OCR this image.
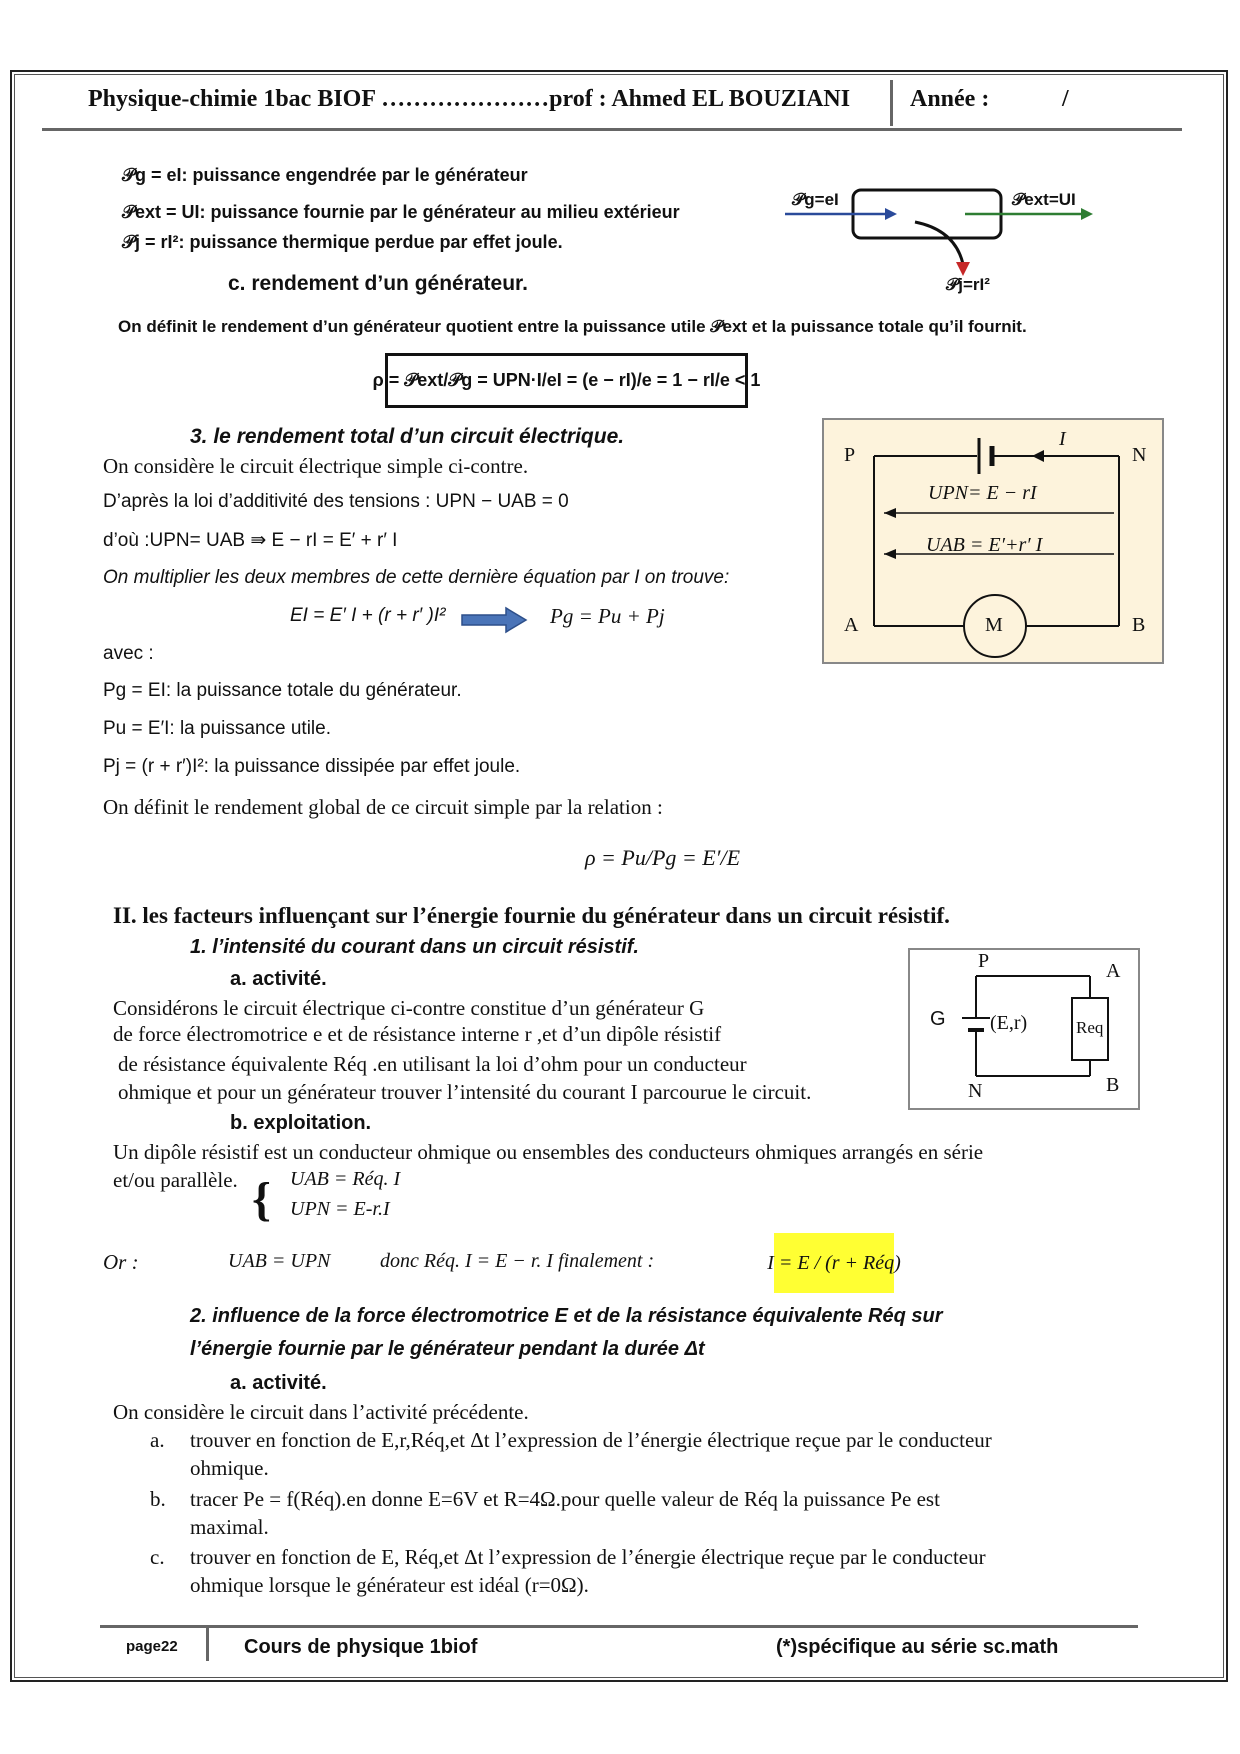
Physique-chimie 1bac BIOF …………………prof : Ahmed EL BOUZIANI Année :	/
𝒫g = eI: puissance engendrée par le générateur
𝒫ext = UI: puissance fournie par le générateur au milieu extérieur
𝒫j = rI²: puissance thermique perdue par effet joule.
𝒫g=eI	𝒫ext=UI
𝒫j=rI²
c. rendement d’un générateur.
On définit le rendement d’un générateur quotient entre la puissance utile 𝒫ext et la puissance totale qu’il fournit.
ρ = 𝒫ext/𝒫g = UPN·I/eI = (e − rI)/e = 1 − rI/e < 1
3. le rendement total d’un circuit électrique.
On considère le circuit électrique simple ci-contre.
D’après la loi d’additivité des tensions : UPN − UAB = 0
d’où :UPN= UAB ⇛ E − rI = E′ + r′ I
On multiplier les deux membres de cette dernière équation par I on trouve:
EI = E′ I + (r + r′ )I²	Pg = Pu + Pj
avec :
Pg = EI: la puissance totale du générateur.
Pu = E′I: la puissance utile.
Pj = (r + r′)I²: la puissance dissipée par effet joule.
On définit le rendement global de ce circuit simple par la relation :
ρ = Pu/Pg = E′/E
P	N
A	B
I
M
UPN= E − rI
UAB = E′+r′ I
II. les facteurs influençant sur l’énergie fournie du générateur dans un circuit résistif.
1. l’intensité du courant dans un circuit résistif.
a. activité.
Considérons le circuit électrique ci-contre constitue d’un générateur G
de force électromotrice e et de résistance interne r ,et d’un dipôle résistif
de résistance équivalente Réq .en utilisant la loi d’ohm pour un conducteur
ohmique et pour un générateur trouver l’intensité du courant I parcourue le circuit.
P	A
N	B
G (E,r)	Req
b. exploitation.
Un dipôle résistif est un conducteur ohmique ou ensembles des conducteurs ohmiques arrangés en série
et/ou parallèle. { UAB = Réq. I
UPN = E-r.I
Or :	UAB = UPN donc Réq. I = E − r. I finalement :	I = E / (r + Réq)
2. influence de la force électromotrice E et de la résistance équivalente Réq sur
l’énergie fournie par le générateur pendant la durée Δt
a. activité.
On considère le circuit dans l’activité précédente.
a. trouver en fonction de E,r,Réq,et Δt l’expression de l’énergie électrique reçue par le conducteur
ohmique.
b. tracer Pe = f(Réq).en donne E=6V et R=4Ω.pour quelle valeur de Réq la puissance Pe est
maximal.
c. trouver en fonction de E, Réq,et Δt l’expression de l’énergie électrique reçue par le conducteur
ohmique lorsque le générateur est idéal (r=0Ω).
page22	Cours de physique 1biof	(*)spécifique au série sc.math
